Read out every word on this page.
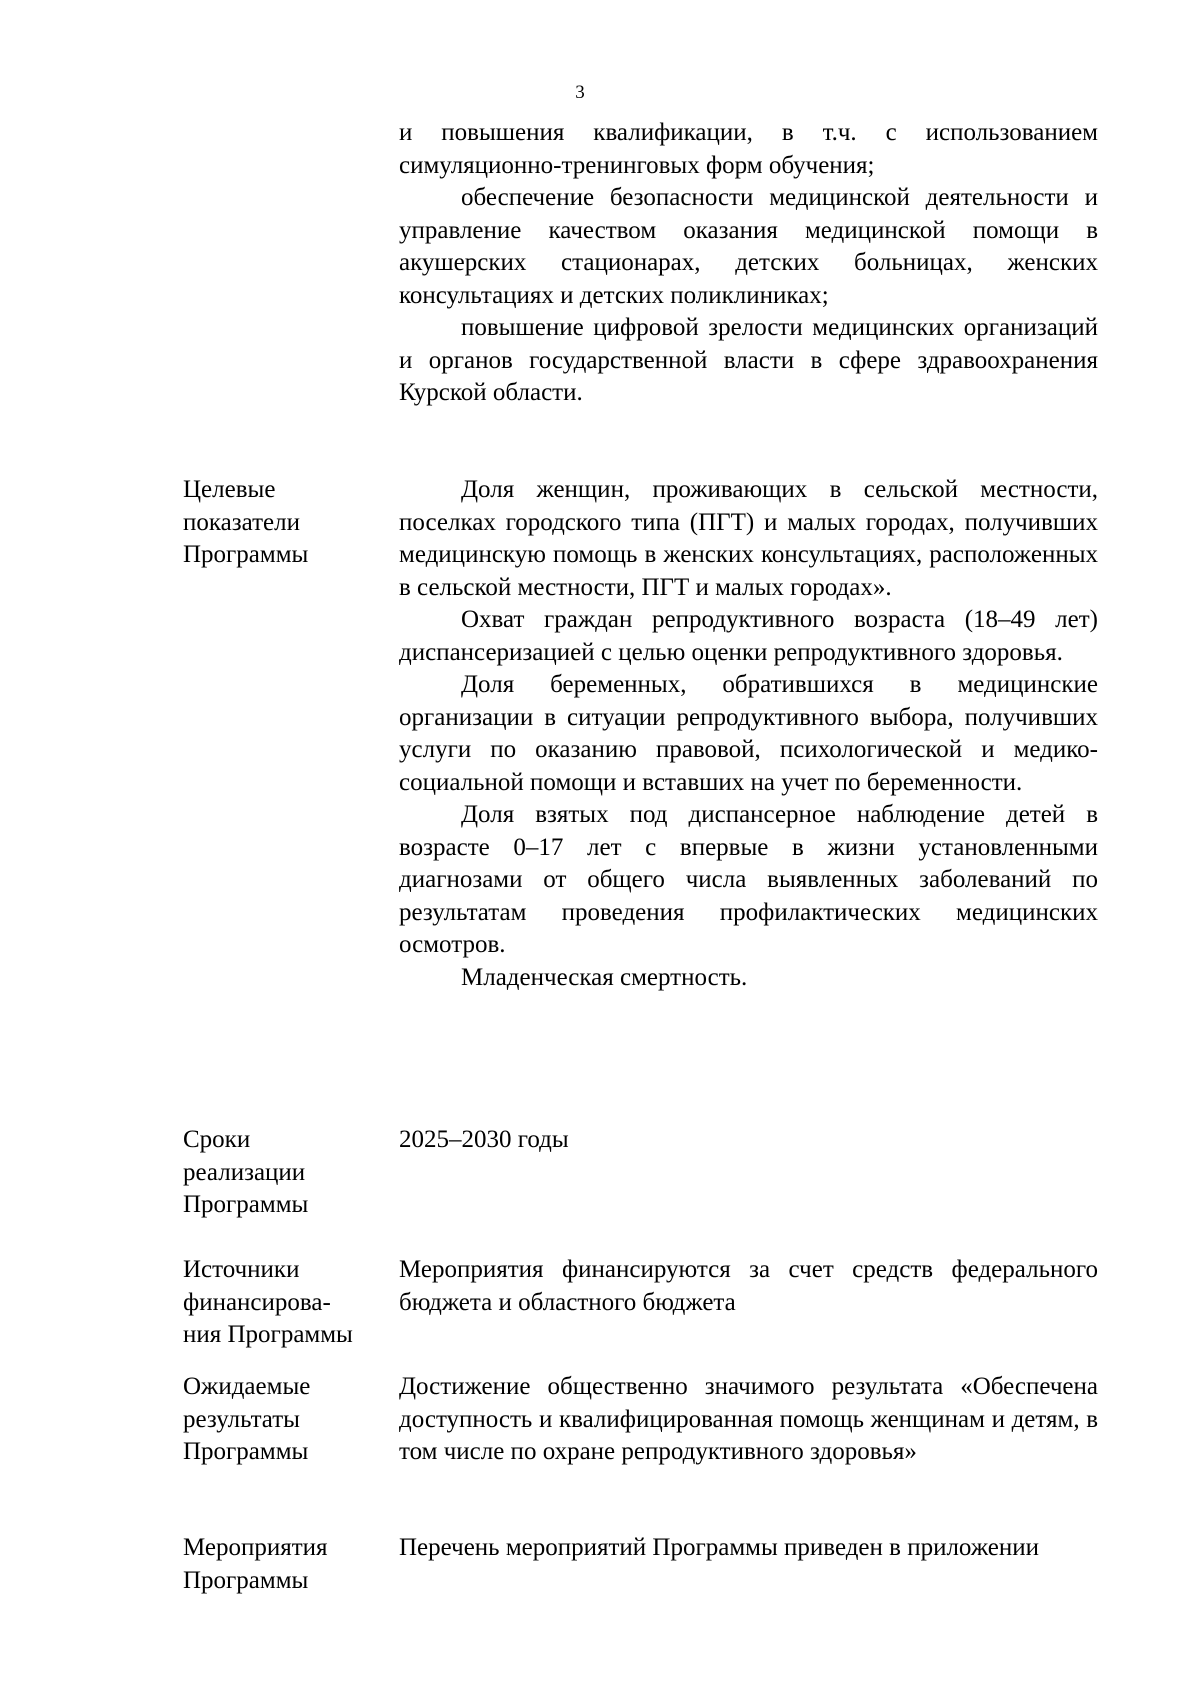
3

и повышения квалификации, в т.ч. с использованием симуляционно-тренинговых форм обучения;

обеспечение безопасности медицинской деятельности и управление качеством оказания медицинской помощи в акушерских стационарах, детских больницах, женских консультациях и детских поликлиниках;

повышение цифровой зрелости медицинских организаций и органов государственной власти в сфере здравоохранения Курской области.

Целевые
показатели
Программы

Доля женщин, проживающих в сельской местности, поселках городского типа (ПГТ) и малых городах, получивших медицинскую помощь в женских консультациях, расположенных в сельской местности, ПГТ и малых городах».

Охват граждан репродуктивного возраста (18–49 лет) диспансеризацией с целью оценки репродуктивного здоровья.

Доля беременных, обратившихся в медицинские организации в ситуации репродуктивного выбора, получивших услуги по оказанию правовой, психологической и медико-социальной помощи и вставших на учет по беременности.

Доля взятых под диспансерное наблюдение детей в возрасте 0–17 лет с впервые в жизни установленными диагнозами от общего числа выявленных заболеваний по результатам проведения профилактических медицинских осмотров.

Младенческая смертность.

Сроки
реализации
Программы

2025–2030 годы

Источники
финансирова-
ния Программы

Мероприятия финансируются за счет средств федерального бюджета и областного бюджета

Ожидаемые
результаты
Программы

Достижение общественно значимого результата «Обеспечена доступность и квалифицированная помощь женщинам и детям, в том числе по охране репродуктивного здоровья»

Мероприятия
Программы

Перечень мероприятий Программы приведен в приложении
